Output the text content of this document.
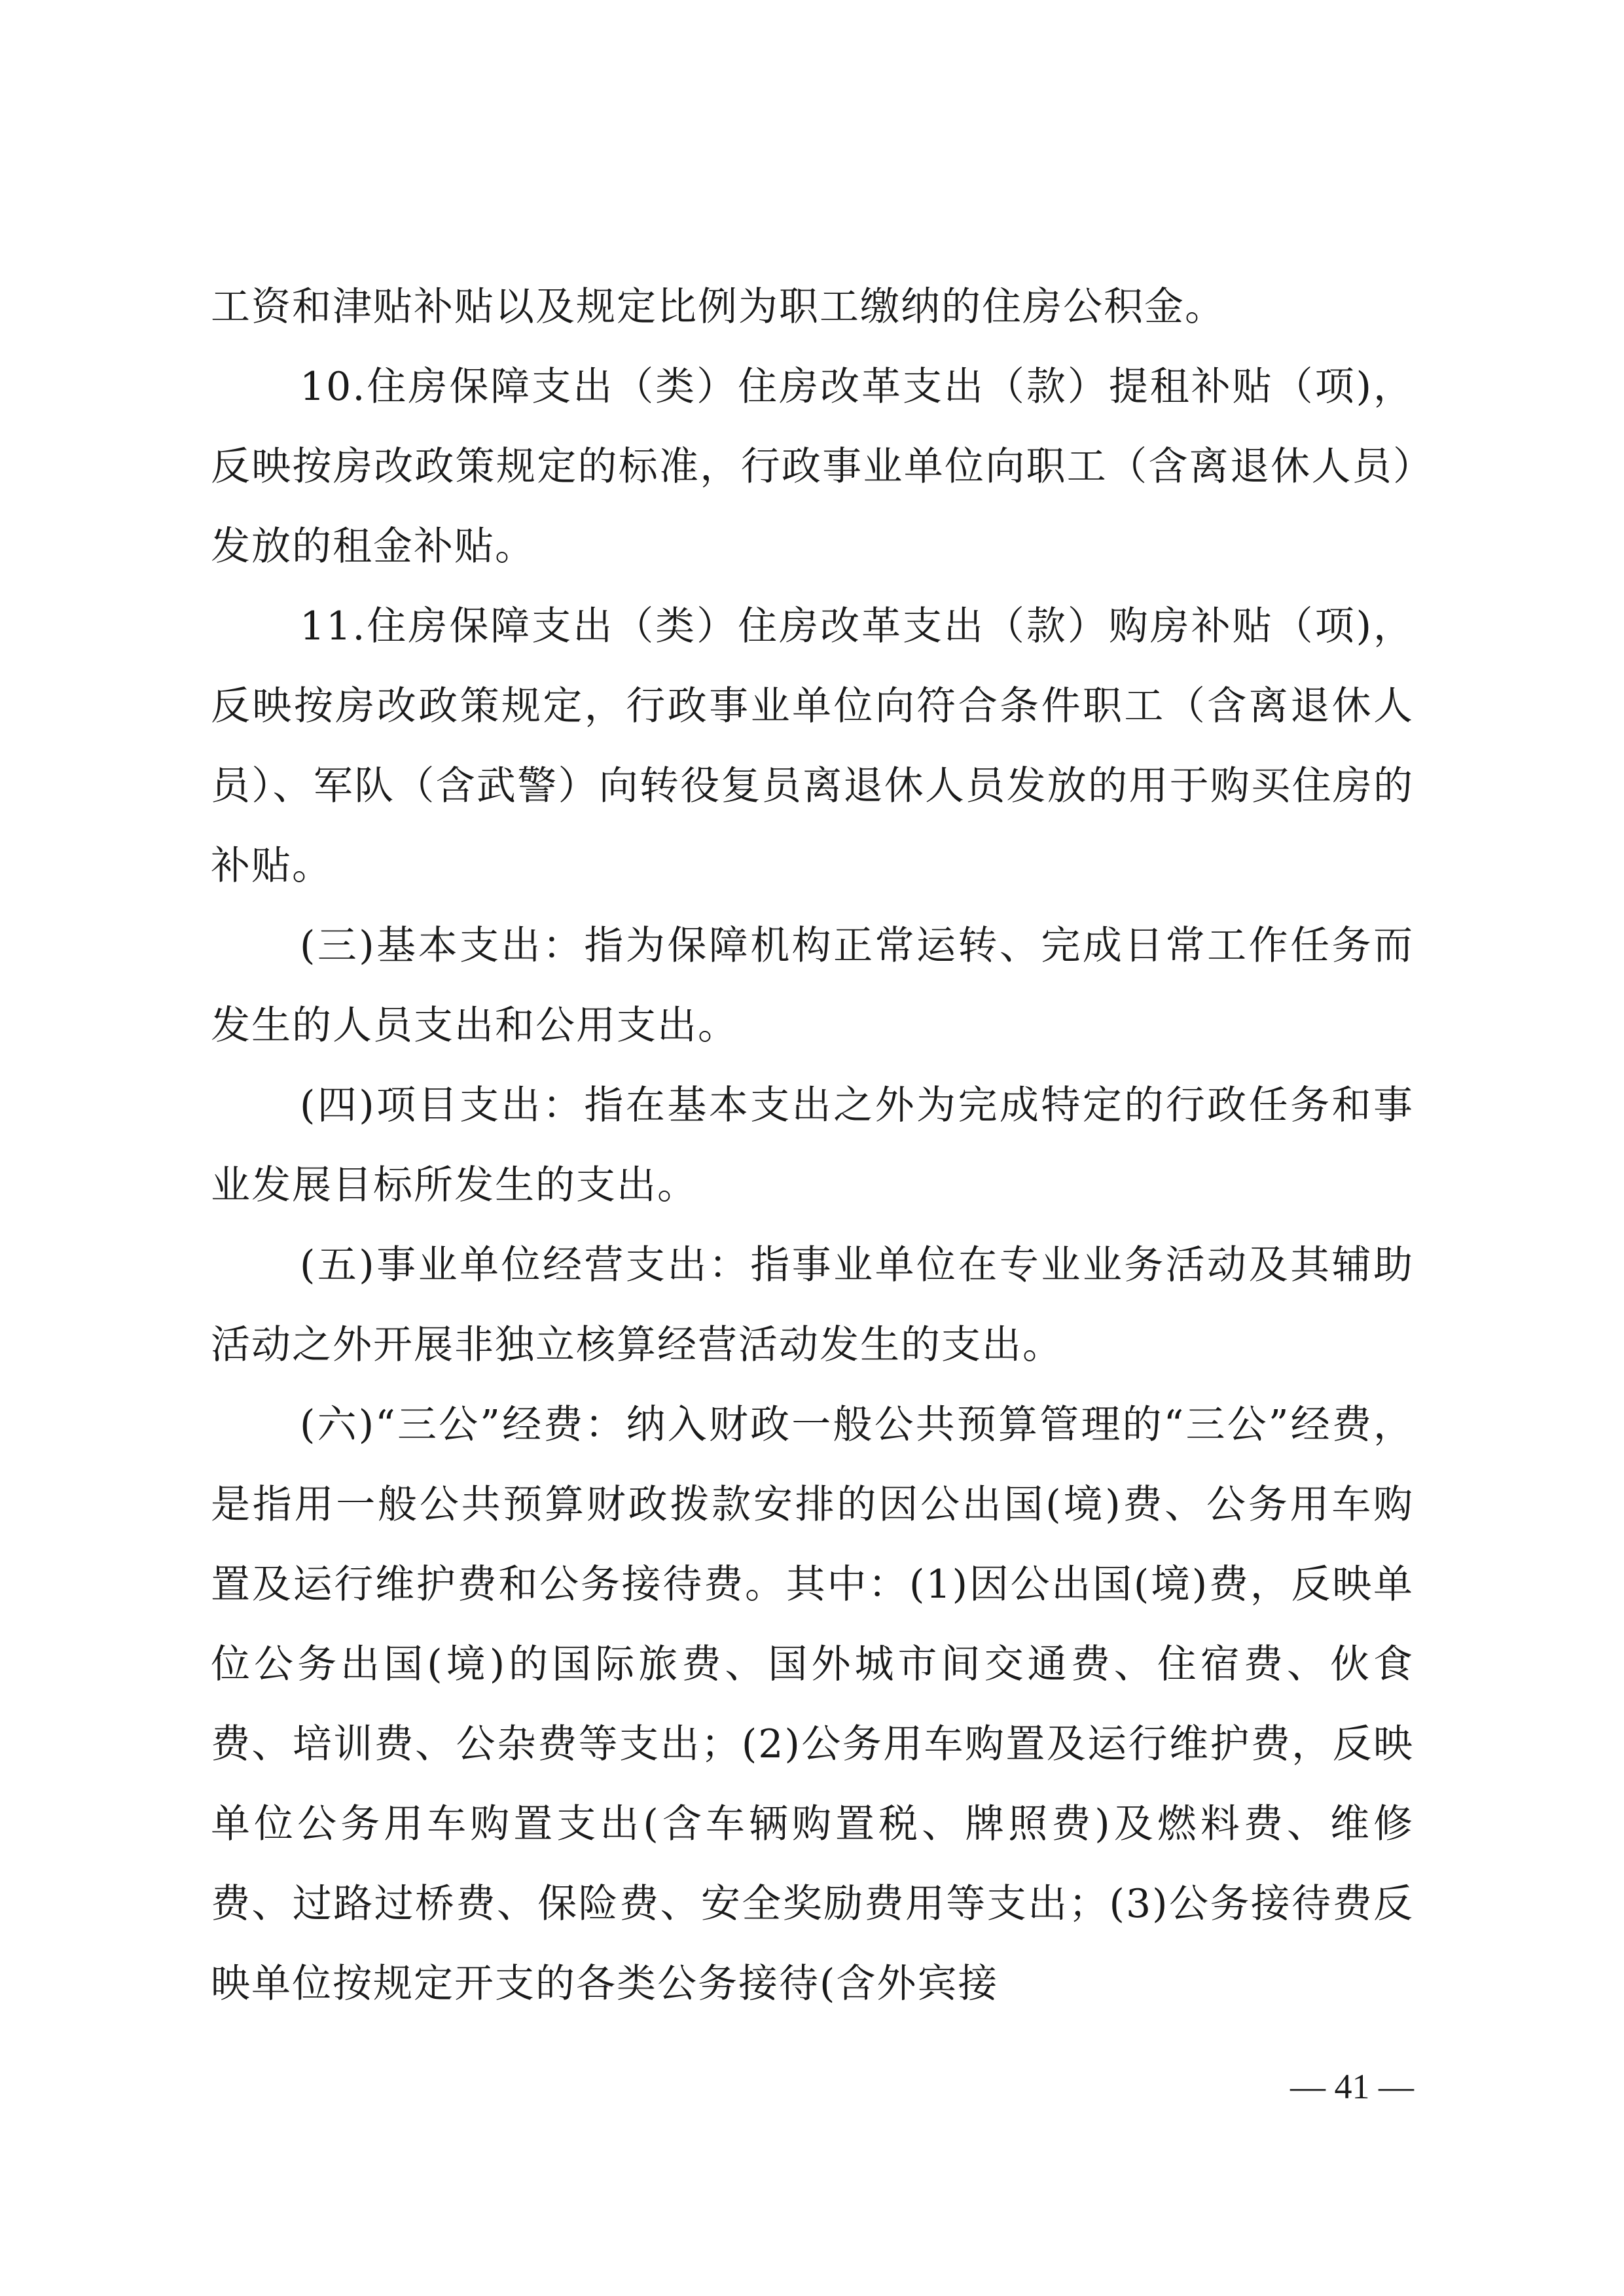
工资和津贴补贴以及规定比例为职工缴纳的住房公积金。

10.住房保障支出（类）住房改革支出（款）提租补贴（项)，反映按房改政策规定的标准，行政事业单位向职工（含离退休人员）发放的租金补贴。

11.住房保障支出（类）住房改革支出（款）购房补贴（项)，反映按房改政策规定，行政事业单位向符合条件职工（含离退休人员）、军队（含武警）向转役复员离退休人员发放的用于购买住房的补贴。

(三)基本支出：指为保障机构正常运转、完成日常工作任务而发生的人员支出和公用支出。

(四)项目支出：指在基本支出之外为完成特定的行政任务和事业发展目标所发生的支出。

(五)事业单位经营支出：指事业单位在专业业务活动及其辅助活动之外开展非独立核算经营活动发生的支出。

(六)“三公”经费：纳入财政一般公共预算管理的“三公”经费，是指用一般公共预算财政拨款安排的因公出国(境)费、公务用车购置及运行维护费和公务接待费。其中：(1)因公出国(境)费，反映单位公务出国(境)的国际旅费、国外城市间交通费、住宿费、伙食费、培训费、公杂费等支出；(2)公务用车购置及运行维护费，反映单位公务用车购置支出(含车辆购置税、牌照费)及燃料费、维修费、过路过桥费、保险费、安全奖励费用等支出；(3)公务接待费反映单位按规定开支的各类公务接待(含外宾接

— 41 —
